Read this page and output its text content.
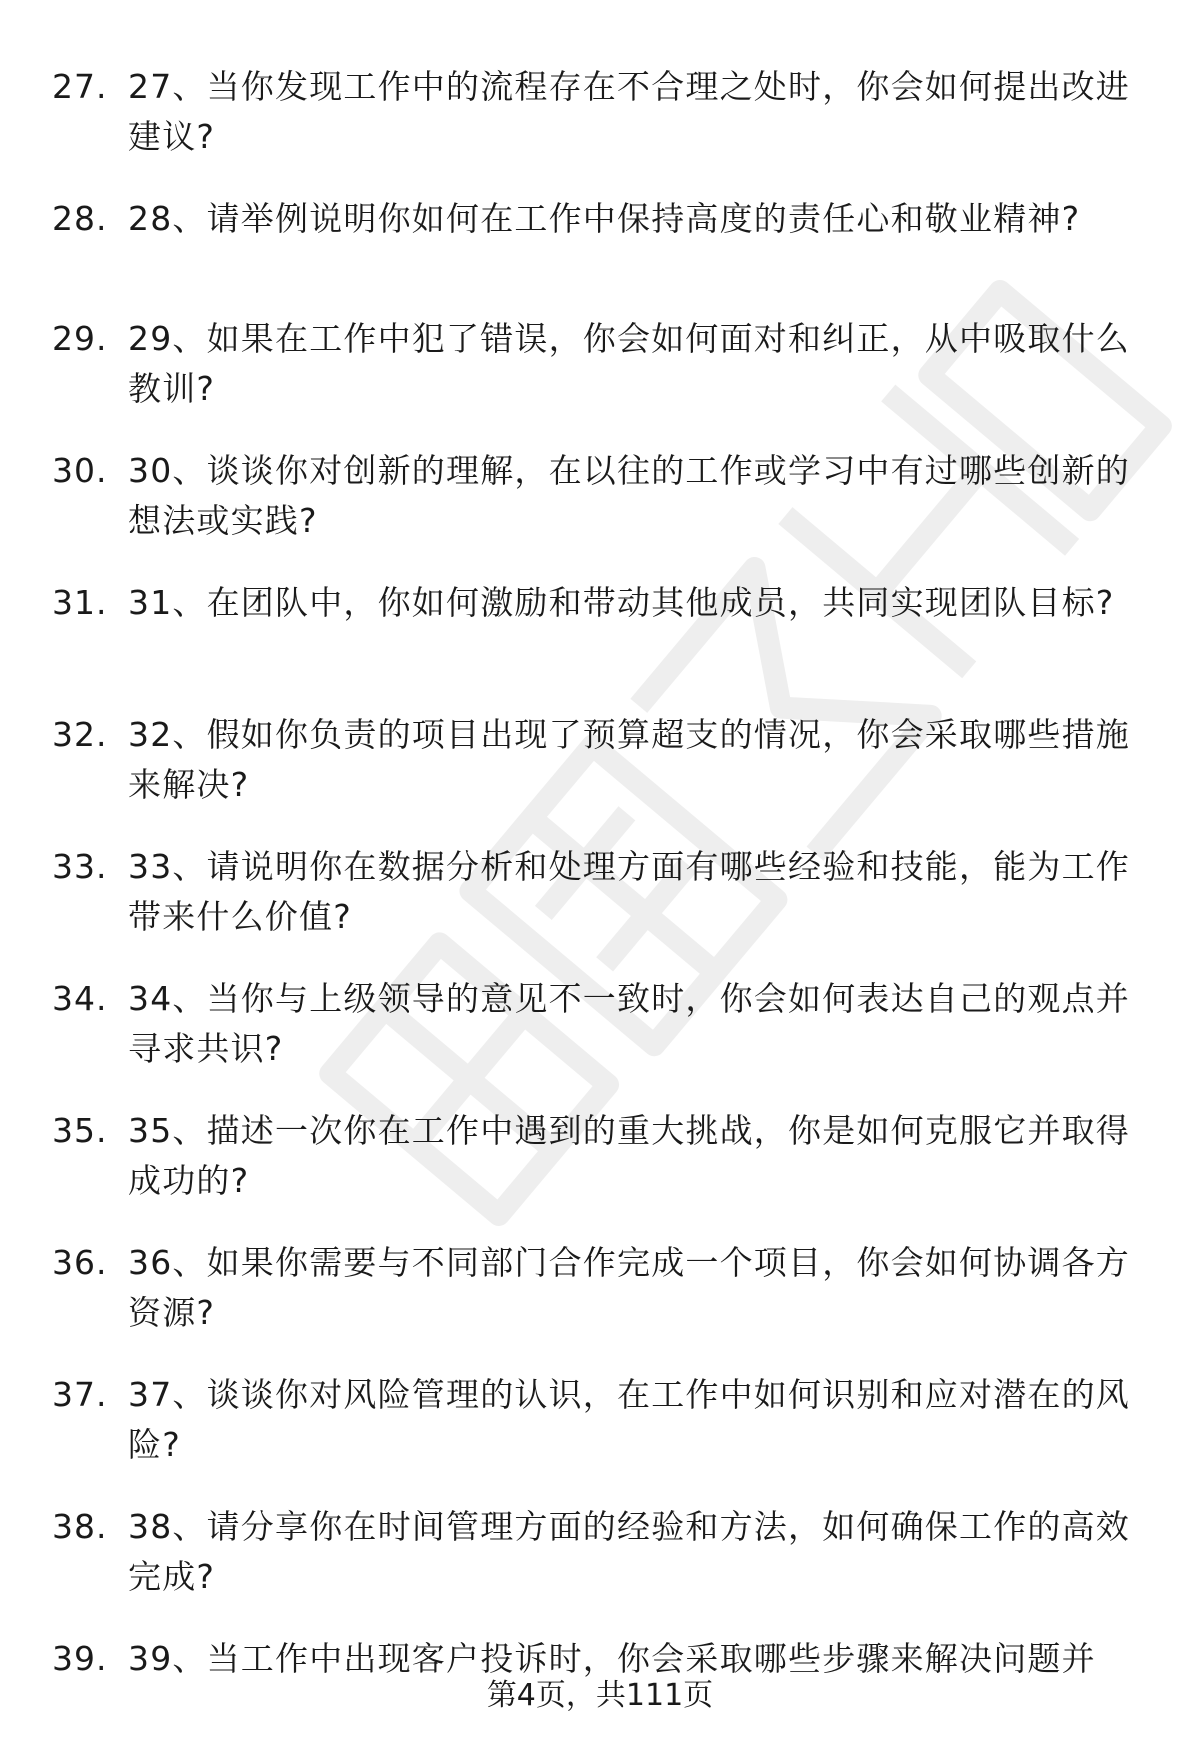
27. 27、当你发现工作中的流程存在不合理之处时，你会如何提出改进建议?
28. 28、请举例说明你如何在工作中保持高度的责任心和敬业精神?
29. 29、如果在工作中犯了错误，你会如何面对和纠正，从中吸取什么教训?
30. 30、谈谈你对创新的理解，在以往的工作或学习中有过哪些创新的想法或实践?
31. 31、在团队中，你如何激励和带动其他成员，共同实现团队目标?
32. 32、假如你负责的项目出现了预算超支的情况，你会采取哪些措施来解决?
33. 33、请说明你在数据分析和处理方面有哪些经验和技能，能为工作带来什么价值?
34. 34、当你与上级领导的意见不一致时，你会如何表达自己的观点并寻求共识?
35. 35、描述一次你在工作中遇到的重大挑战，你是如何克服它并取得成功的?
36. 36、如果你需要与不同部门合作完成一个项目，你会如何协调各方资源?
37. 37、谈谈你对风险管理的认识，在工作中如何识别和应对潜在的风险?
38. 38、请分享你在时间管理方面的经验和方法，如何确保工作的高效完成?
39. 39、当工作中出现客户投诉时，你会采取哪些步骤来解决问题并
第4页，共111页
